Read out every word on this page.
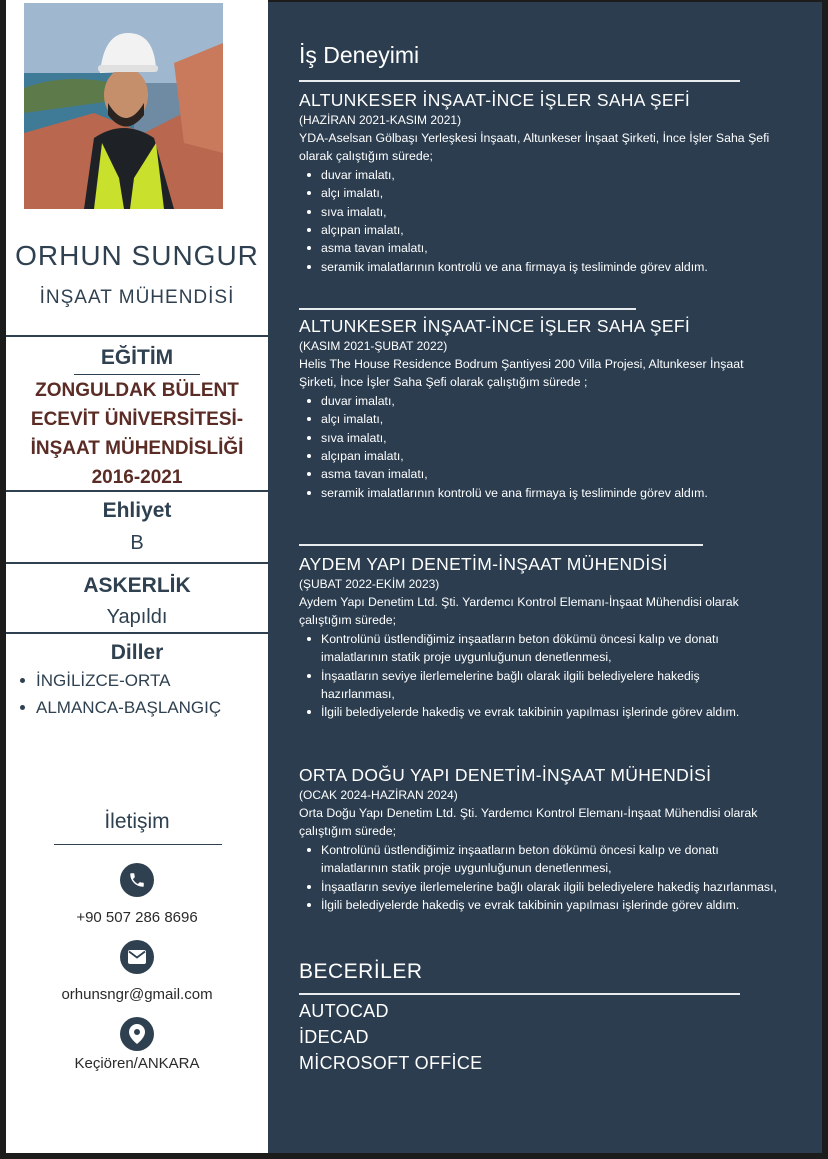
ORHUN SUNGUR
İNŞAAT MÜHENDİSİ
EĞİTİM
ZONGULDAK BÜLENT
ECEVİT ÜNİVERSİTESİ-
İNŞAAT MÜHENDİSLİĞİ
2016-2021
Ehliyet
B
ASKERLİK
Yapıldı
Diller
İNGİLİZCE-ORTA
ALMANCA-BAŞLANGIÇ
İletişim
+90 507 286 8696
orhunsngr@gmail.com
Keçiören/ANKARA
İş Deneyimi
ALTUNKESER İNŞAAT-İNCE İŞLER SAHA ŞEFİ
(HAZİRAN 2021-KASIM 2021)
YDA-Aselsan Gölbaşı Yerleşkesi İnşaatı, Altunkeser İnşaat Şirketi, İnce İşler Saha Şefi olarak çalıştığım sürede;
duvar imalatı,
alçı imalatı,
sıva imalatı,
alçıpan imalatı,
asma tavan imalatı,
seramik imalatlarının kontrolü ve ana firmaya iş tesliminde görev aldım.
ALTUNKESER İNŞAAT-İNCE İŞLER SAHA ŞEFİ
(KASIM 2021-ŞUBAT 2022)
Helis The House Residence Bodrum Şantiyesi 200 Villa Projesi, Altunkeser İnşaat Şirketi, İnce İşler Saha Şefi olarak çalıştığım sürede ;
duvar imalatı,
alçı imalatı,
sıva imalatı,
alçıpan imalatı,
asma tavan imalatı,
seramik imalatlarının kontrolü ve ana firmaya iş tesliminde görev aldım.
AYDEM YAPI DENETİM-İNŞAAT MÜHENDİSİ
(ŞUBAT 2022-EKİM 2023)
Aydem Yapı Denetim Ltd. Şti. Yardemcı Kontrol Elemanı-İnşaat Mühendisi olarak çalıştığım sürede;
Kontrolünü üstlendiğimiz inşaatların beton dökümü öncesi kalıp ve donatı imalatlarının statik proje uygunluğunun denetlenmesi,
İnşaatların seviye ilerlemelerine bağlı olarak ilgili belediyelere hakediş hazırlanması,
İlgili belediyelerde hakediş ve evrak takibinin yapılması işlerinde görev aldım.
ORTA DOĞU YAPI DENETİM-İNŞAAT MÜHENDİSİ
(OCAK 2024-HAZİRAN 2024)
Orta Doğu Yapı Denetim Ltd. Şti. Yardemcı Kontrol Elemanı-İnşaat Mühendisi olarak çalıştığım sürede;
Kontrolünü üstlendiğimiz inşaatların beton dökümü öncesi kalıp ve donatı imalatlarının statik proje uygunluğunun denetlenmesi,
İnşaatların seviye ilerlemelerine bağlı olarak ilgili belediyelere hakediş hazırlanması,
İlgili belediyelerde hakediş ve evrak takibinin yapılması işlerinde görev aldım.
BECERİLER
AUTOCAD
İDECAD
MİCROSOFT OFFİCE
